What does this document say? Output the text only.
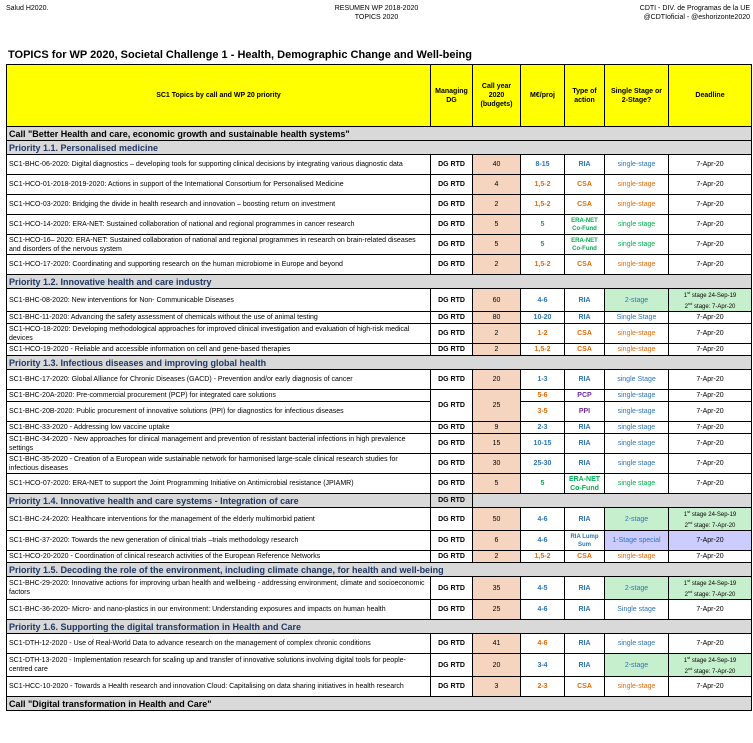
Salud H2020.	RESUMEN WP 2018-2020
TOPICS 2020
CDTI - DIV. de Programas de la UE
@CDTIoficial - @eshorizonte2020
TOPICS for WP 2020, Societal Challenge 1 - Health, Demographic Change and Well-being
SC1 Topics by call and WP 20 priority	Managing DG	Call year 2020 (budgets)	M€/proj	Type of action	Single Stage or 2-Stage?	Deadline
Call "Better Health and care, economic growth and sustainable health systems"						
Priority 1.1. Personalised medicine						
SC1-BHC-06-2020: Digital diagnostics – developing tools for supporting clinical decisions by integrating various diagnostic data	DG RTD	40	8-15	RIA	single-stage	7-Apr-20
SC1-HCO-01-2018-2019-2020: Actions in support of the International Consortium for Personalised Medicine	DG RTD	4	1,5-2	CSA	single-stage	7-Apr-20
SC1-HCO-03-2020: Bridging the divide in health research and innovation – boosting return on investment	DG RTD	2	1,5-2	CSA	single-stage	7-Apr-20
SC1-HCO-14-2020: ERA-NET: Sustained collaboration of national and regional programmes in cancer research	DG RTD	5	5	ERA-NET Co-Fund	single stage	7-Apr-20
SC1-HCO-16– 2020: ERA-NET: Sustained collaboration of national and regional programmes in research on brain-related diseases and disorders of the nervous system	DG RTD	5	5	ERA-NET Co-Fund	single stage	7-Apr-20
SC1-HCO-17-2020: Coordinating and supporting research on the human microbiome in Europe and beyond	DG RTD	2	1,5-2	CSA	single-stage	7-Apr-20
Priority 1.2. Innovative health and care industry						
SC1-BHC-08-2020: New interventions for Non- Communicable Diseases	DG RTD	60	4-6	RIA	2-stage	1st stage 24-Sep-19
2nd stage: 7-Apr-20

SC1-BHC-11-2020: Advancing the safety assessment of chemicals without the use of animal testing	DG RTD	80	10-20	RIA	Single Stage	7-Apr-20
SC1-HCO-18-2020: Developing methodological approaches for improved clinical investigation and evaluation of high-risk medical devices	DG RTD	2	1-2	CSA	single-stage	7-Apr-20
SC1-HCO-19-2020 - Reliable and accessible information on cell and gene-based therapies	DG RTD	2	1,5-2	CSA	single-stage	7-Apr-20
Priority 1.3. Infectious diseases and improving global health						
SC1-BHC-17-2020: Global Alliance for Chronic Diseases (GACD) - Prevention and/or early diagnosis of cancer	DG RTD	20	1-3	RIA	single Stage	7-Apr-20
SC1-BHC-20A-2020: Pre-commercial procurement (PCP) for integrated care solutions	DG RTD	25	5-6	PCP	single-stage	7-Apr-20
SC1-BHC-20B-2020: Public procurement of innovative solutions (PPI) for diagnostics for infectious diseases			3-5	PPI	single-stage	7-Apr-20
SC1-BHC-33-2020 - Addressing low vaccine uptake	DG RTD	9	2-3	RIA	single stage	7-Apr-20
SC1-BHC-34-2020 - New approaches for clinical management and prevention of resistant bacterial infections in high prevalence settings	DG RTD	15	10-15	RIA	single stage	7-Apr-20
SC1-BHC-35-2020 - Creation of a European wide sustainable network for harmonised large-scale clinical research studies for infectious diseases	DG RTD	30	25-30	RIA	single stage	7-Apr-20
SC1-HCO-07-2020: ERA-NET to support the Joint Programming Initiative on Antimicrobial resistance (JPIAMR)	DG RTD	5	5	ERA-NET Co-Fund	single stage	7-Apr-20
Priority 1.4. Innovative health and care systems - Integration of care	DG RTD					
SC1-BHC-24-2020: Healthcare interventions for the management of the elderly multimorbid patient	DG RTD	50	4-6	RIA	2-stage	1st stage 24-Sep-19
2nd stage: 7-Apr-20

SC1-BHC-37-2020: Towards the new generation of clinical trials –trials methodology research	DG RTD	6	4-6	RIA Lump Sum	1-Stage special	7-Apr-20
SC1-HCO-20-2020 - Coordination of clinical research activities of the European Reference Networks	DG RTD	2	1,5-2	CSA	single-stage	7-Apr-20
Priority 1.5. Decoding the role of the environment, including climate change, for health and well-being						
SC1-BHC-29-2020: Innovative actions for improving urban health and wellbeing - addressing environment, climate and socioeconomic factors	DG RTD	35	4-5	RIA	2-stage	1st stage 24-Sep-19
2nd stage: 7-Apr-20

SC1-BHC-36-2020- Micro- and nano-plastics in our environment: Understanding exposures and impacts on human health	DG RTD	25	4-6	RIA	Single stage	7-Apr-20
Priority 1.6. Supporting the digital transformation in Health and Care						
SC1-DTH-12-2020 - Use of Real-World Data to advance research on the management of complex chronic conditions	DG RTD	41	4-6	RIA	single stage	7-Apr-20
SC1-DTH-13-2020 - Implementation research for scaling up and transfer of innovative solutions involving digital tools for people-centred care	DG RTD	20	3-4	RIA	2-stage	1st stage 24-Sep-19
2nd stage: 7-Apr-20

SC1-HCC-10-2020 - Towards a Health research and innovation Cloud: Capitalising on data sharing initiatives in health research	DG RTD	3	2-3	CSA	single-stage	7-Apr-20
Call "Digital transformation in Health and Care"						
